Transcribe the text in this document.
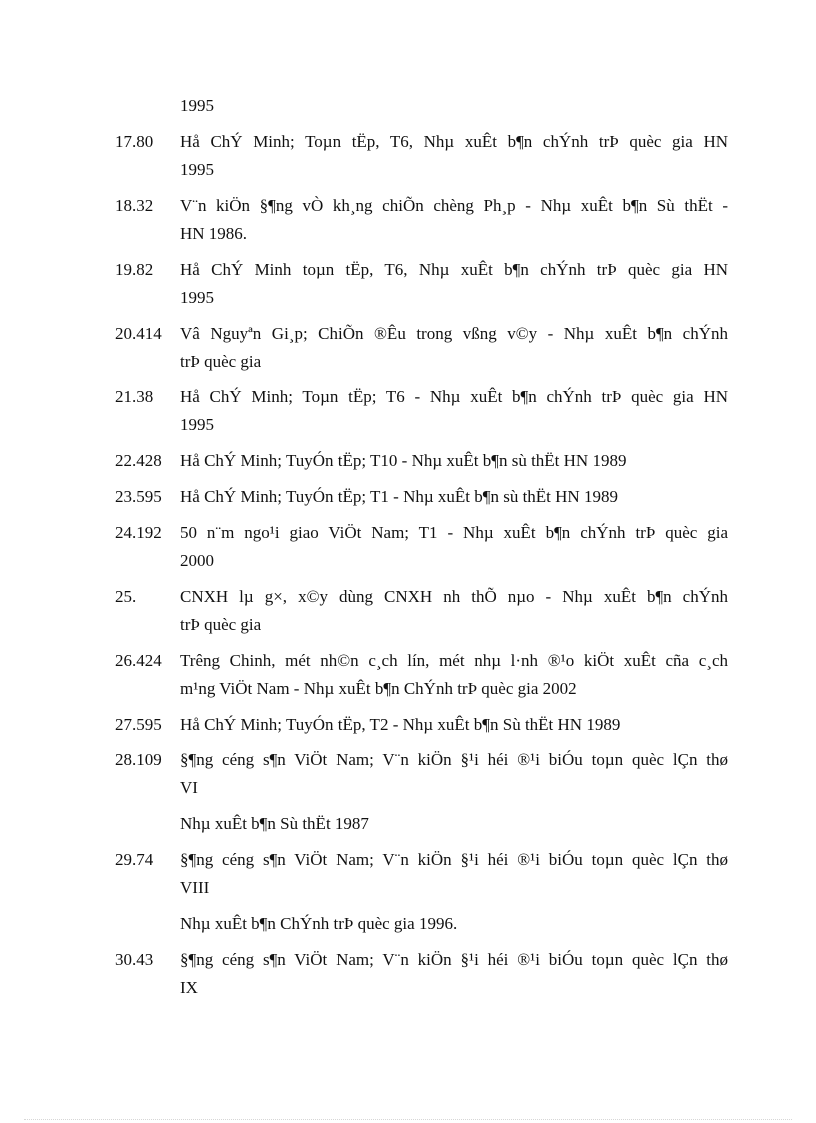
1995
17.80	Hå ChÝ Minh; Toµn tËp, T6, Nhµ xuÊt b¶n chÝnh trÞ quèc gia HN
1995
18.32	V¨n kiÖn §¶ng vÒ kh¸ng chiÕn chèng Ph¸p - Nhµ xuÊt b¶n Sù thËt -
HN 1986.
19.82	Hå ChÝ Minh toµn tËp, T6, Nhµ xuÊt b¶n chÝnh trÞ quèc gia HN
1995
20.414	Vâ Nguyªn Gi¸p; ChiÕn ®Êu trong vßng v©y - Nhµ xuÊt b¶n chÝnh
trÞ quèc gia
21.38	Hå ChÝ Minh; Toµn tËp; T6 - Nhµ xuÊt b¶n chÝnh trÞ quèc gia HN
1995
22.428	Hå ChÝ Minh; TuyÓn tËp; T10 - Nhµ xuÊt b¶n sù thËt HN 1989
23.595	Hå ChÝ Minh; TuyÓn tËp; T1 - Nhµ xuÊt b¶n sù thËt HN 1989
24.192	50 n¨m ngo¹i giao ViÖt Nam; T1 - Nhµ xuÊt b¶n chÝnh trÞ quèc gia
2000
25.	CNXH lµ g×, x©y dùng CNXH nh thÕ nµo - Nhµ xuÊt b¶n chÝnh
trÞ quèc gia
26.424	Trêng Chinh, mét nh©n c¸ch lín, mét nhµ l·nh ®¹o kiÖt xuÊt cña c¸ch
m¹ng ViÖt Nam - Nhµ xuÊt b¶n ChÝnh trÞ quèc gia 2002
27.595	Hå ChÝ Minh; TuyÓn tËp, T2 - Nhµ xuÊt b¶n Sù thËt HN 1989
28.109	§¶ng céng s¶n ViÖt Nam; V¨n kiÖn §¹i héi ®¹i biÓu toµn quèc lÇn thø
VI
Nhµ xuÊt b¶n Sù thËt 1987
29.74	§¶ng céng s¶n ViÖt Nam; V¨n kiÖn §¹i héi ®¹i biÓu toµn quèc lÇn thø
VIII
Nhµ xuÊt b¶n ChÝnh trÞ quèc gia 1996.
30.43	§¶ng céng s¶n ViÖt Nam; V¨n kiÖn §¹i héi ®¹i biÓu toµn quèc lÇn thø
IX
